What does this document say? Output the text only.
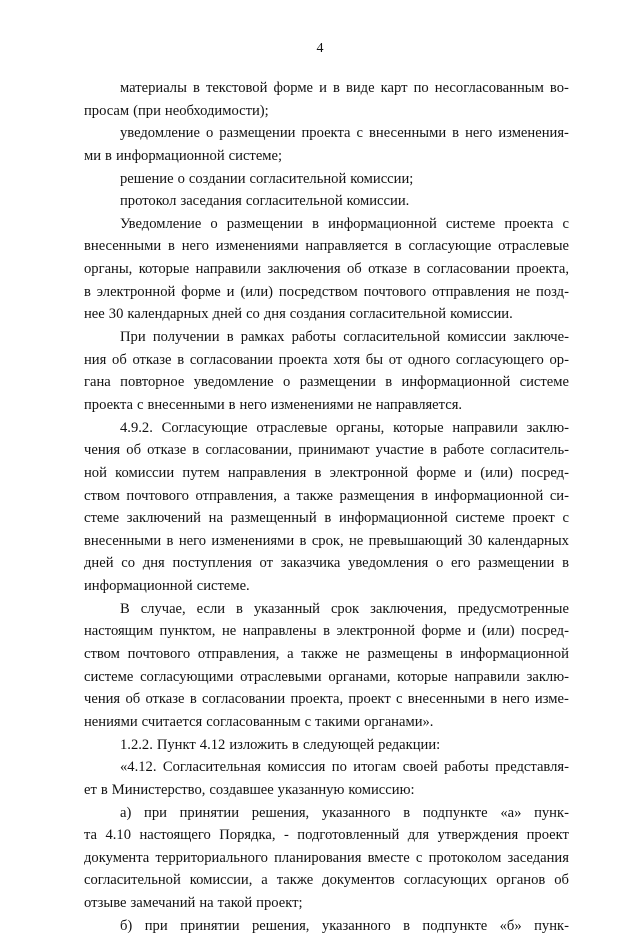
4
материалы в текстовой форме и в виде карт по несогласованным во-
просам (при необходимости);
уведомление о размещении проекта с внесенными в него изменения-
ми в информационной системе;
решение о создании согласительной комиссии;
протокол заседания согласительной комиссии.
Уведомление о размещении в информационной системе проекта с
внесенными в него изменениями направляется в согласующие отраслевые
органы, которые направили заключения об отказе в согласовании проекта,
в электронной форме и (или) посредством почтового отправления не позд-
нее 30 календарных дней со дня создания согласительной комиссии.
При получении в рамках работы согласительной комиссии заключе-
ния об отказе в согласовании проекта хотя бы от одного согласующего ор-
гана повторное уведомление о размещении в информационной системе
проекта с внесенными в него изменениями не направляется.
4.9.2. Согласующие отраслевые органы, которые направили заклю-
чения об отказе в согласовании, принимают участие в работе согласитель-
ной комиссии путем направления в электронной форме и (или) посред-
ством почтового отправления, а также размещения в информационной си-
стеме заключений на размещенный в информационной системе проект с
внесенными в него изменениями в срок, не превышающий 30 календарных
дней со дня поступления от заказчика уведомления о его размещении в
информационной системе.
В случае, если в указанный срок заключения, предусмотренные
настоящим пунктом, не направлены в электронной форме и (или) посред-
ством почтового отправления, а также не размещены в информационной
системе согласующими отраслевыми органами, которые направили заклю-
чения об отказе в согласовании проекта, проект с внесенными в него изме-
нениями считается согласованным с такими органами».
1.2.2. Пункт 4.12 изложить в следующей редакции:
«4.12. Согласительная комиссия по итогам своей работы представля-
ет в Министерство, создавшее указанную комиссию:
а) при принятии решения, указанного в подпункте «а» пунк-
та 4.10 настоящего Порядка, - подготовленный для утверждения проект
документа территориального планирования вместе с протоколом заседания
согласительной комиссии, а также документов согласующих органов об
отзыве замечаний на такой проект;
б) при принятии решения, указанного в подпункте «б» пунк-
